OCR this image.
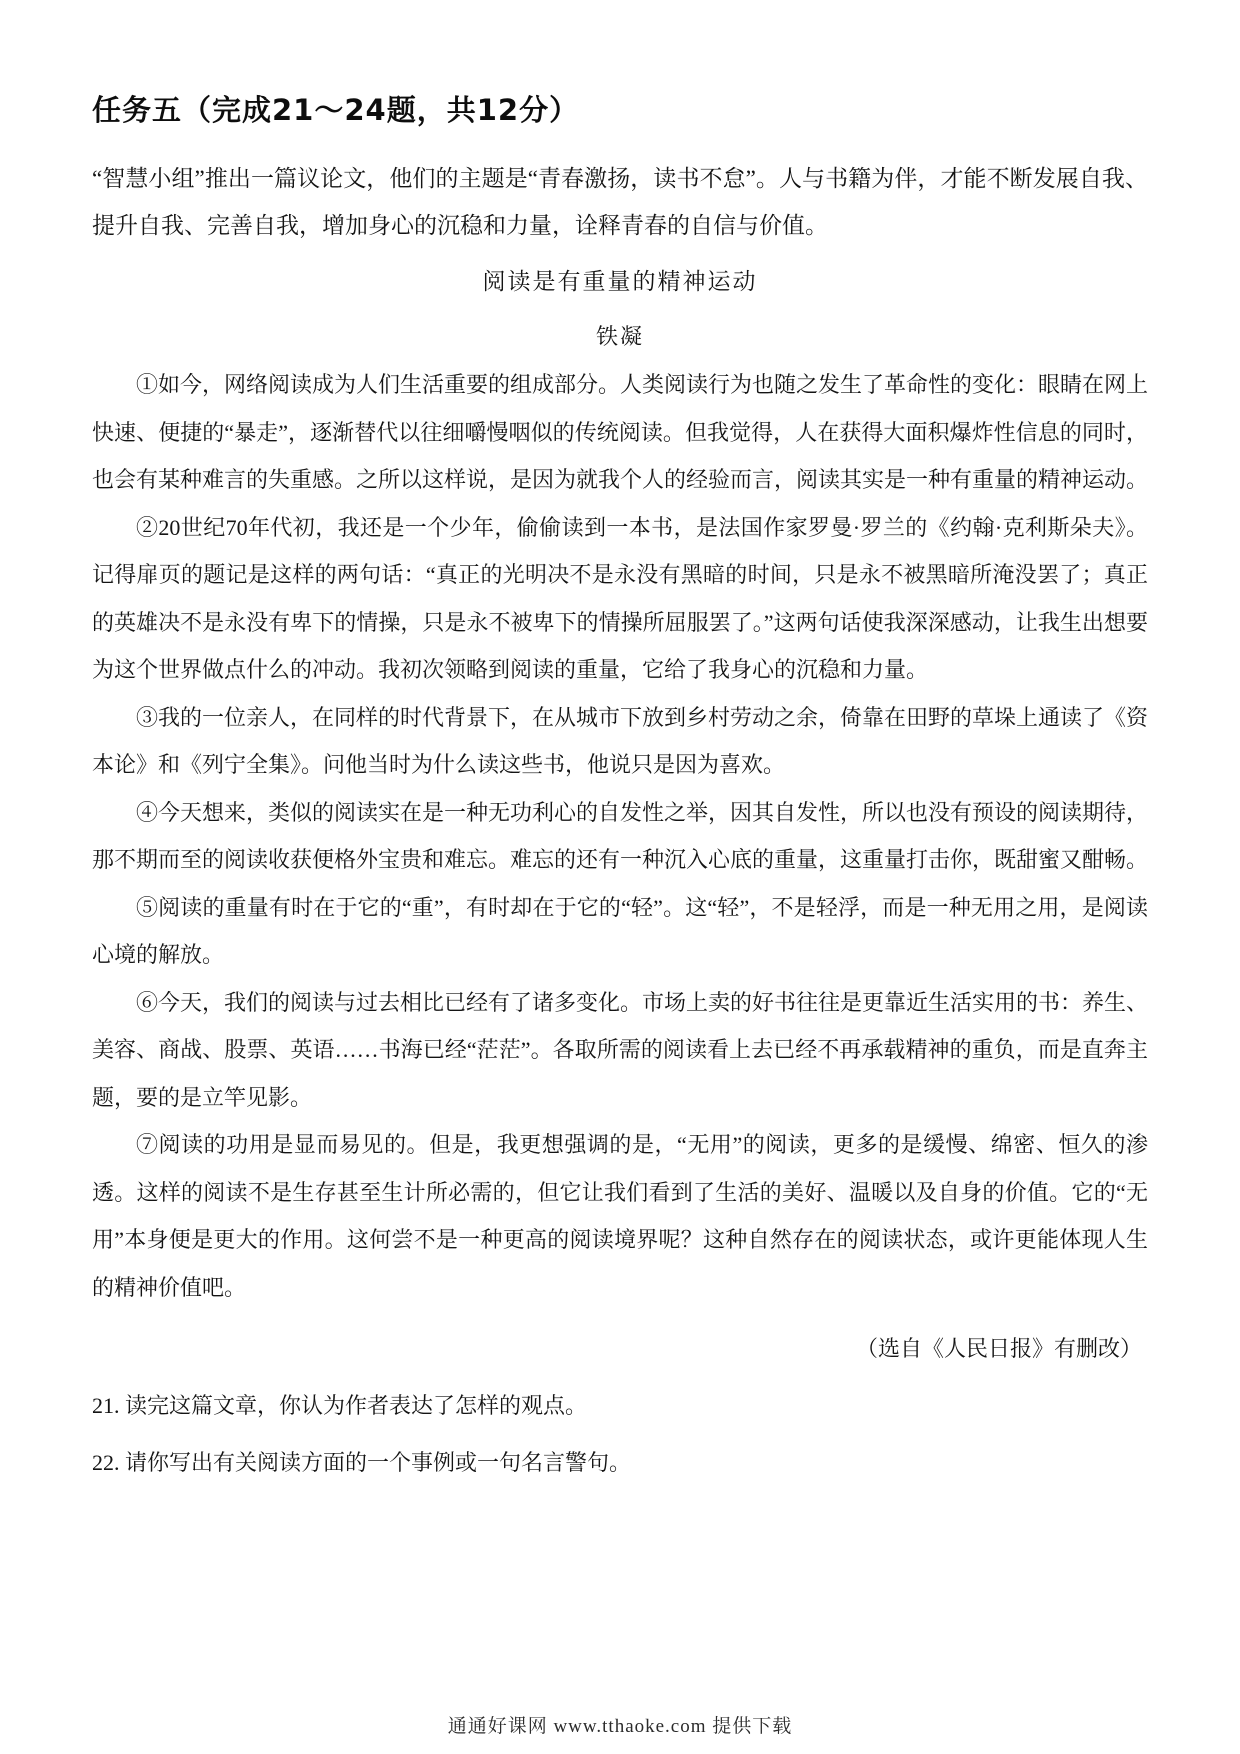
任务五（完成21～24题，共12分）

“智慧小组”推出一篇议论文，他们的主题是“青春激扬，读书不怠”。人与书籍为伴，才能不断发展自我、提升自我、完善自我，增加身心的沉稳和力量，诠释青春的自信与价值。

阅读是有重量的精神运动
铁凝

①如今，网络阅读成为人们生活重要的组成部分。人类阅读行为也随之发生了革命性的变化：眼睛在网上快速、便捷的“暴走”，逐渐替代以往细嚼慢咽似的传统阅读。但我觉得，人在获得大面积爆炸性信息的同时，也会有某种难言的失重感。之所以这样说，是因为就我个人的经验而言，阅读其实是一种有重量的精神运动。

②20世纪70年代初，我还是一个少年，偷偷读到一本书，是法国作家罗曼·罗兰的《约翰·克利斯朵夫》。记得扉页的题记是这样的两句话：“真正的光明决不是永没有黑暗的时间，只是永不被黑暗所淹没罢了；真正的英雄决不是永没有卑下的情操，只是永不被卑下的情操所屈服罢了。”这两句话使我深深感动，让我生出想要为这个世界做点什么的冲动。我初次领略到阅读的重量，它给了我身心的沉稳和力量。

③我的一位亲人，在同样的时代背景下，在从城市下放到乡村劳动之余，倚靠在田野的草垛上通读了《资本论》和《列宁全集》。问他当时为什么读这些书，他说只是因为喜欢。

④今天想来，类似的阅读实在是一种无功利心的自发性之举，因其自发性，所以也没有预设的阅读期待，那不期而至的阅读收获便格外宝贵和难忘。难忘的还有一种沉入心底的重量，这重量打击你，既甜蜜又酣畅。

⑤阅读的重量有时在于它的“重”，有时却在于它的“轻”。这“轻”，不是轻浮，而是一种无用之用，是阅读心境的解放。

⑥今天，我们的阅读与过去相比已经有了诸多变化。市场上卖的好书往往是更靠近生活实用的书：养生、美容、商战、股票、英语……书海已经“茫茫”。各取所需的阅读看上去已经不再承载精神的重负，而是直奔主题，要的是立竿见影。

⑦阅读的功用是显而易见的。但是，我更想强调的是，“无用”的阅读，更多的是缓慢、绵密、恒久的渗透。这样的阅读不是生存甚至生计所必需的，但它让我们看到了生活的美好、温暖以及自身的价值。它的“无用”本身便是更大的作用。这何尝不是一种更高的阅读境界呢？这种自然存在的阅读状态，或许更能体现人生的精神价值吧。

（选自《人民日报》有删改）

21. 读完这篇文章，你认为作者表达了怎样的观点。

22. 请你写出有关阅读方面的一个事例或一句名言警句。

通通好课网 www.tthaoke.com 提供下载
